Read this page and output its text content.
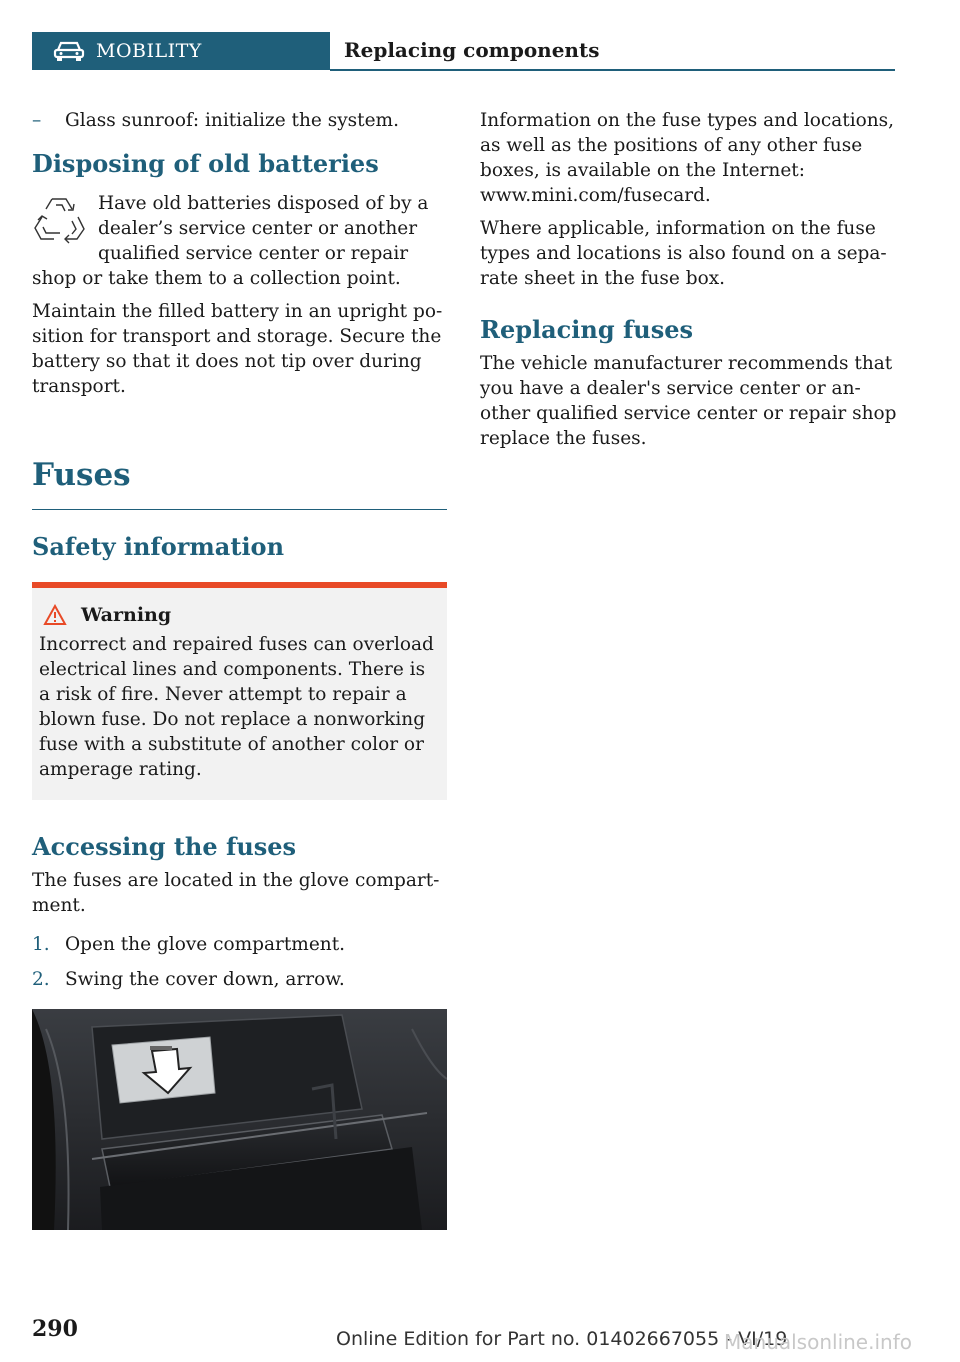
MOBILITY	Replacing components
–	Glass sunroof: initialize the system.
Disposing of old batteries
Have old batteries disposed of by a
dealer’s service center or another
qualified service center or repair
shop or take them to a collection point.

Maintain the filled battery in an upright po‐sition for transport and storage. Secure the battery so that it does not tip over during transport.

Fuses
Safety information
Warning

Incorrect and repaired fuses can overload electrical lines and components. There is a risk of fire. Never attempt to repair a blown fuse. Do not replace a nonworking fuse with a substitute of another color or amperage rating.

Accessing the fuses

The fuses are located in the glove compart‐ment.

1. Open the glove compartment.
2. Swing the cover down, arrow.

Information on the fuse types and locations, as well as the positions of any other fuse boxes, is available on the Internet: www.mini.com/fusecard.

Where applicable, information on the fuse types and locations is also found on a sepa‐rate sheet in the fuse box.

Replacing fuses

The vehicle manufacturer recommends that you have a dealer's service center or an‐other qualified service center or repair shop replace the fuses.

290	Online Edition for Part no. 01402667055 - VI/19
Manualsonline.info
